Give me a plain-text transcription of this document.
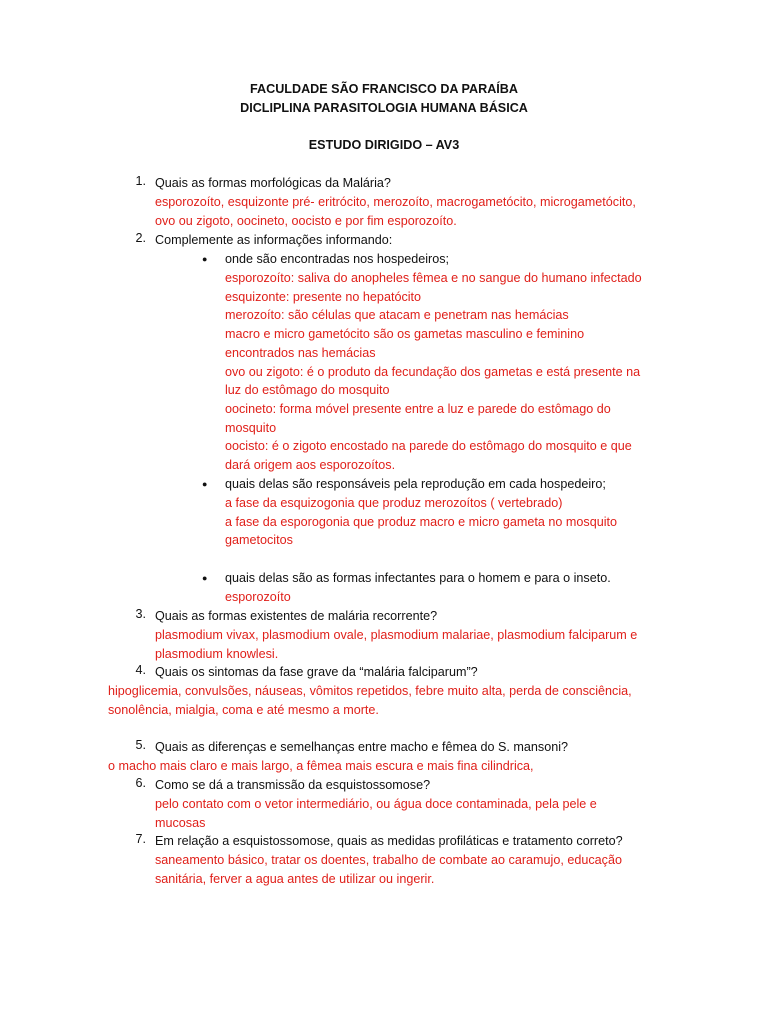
FACULDADE SÃO FRANCISCO DA PARAÍBA
DICLIPLINA PARASITOLOGIA HUMANA BÁSICA
ESTUDO DIRIGIDO – AV3
1. Quais as formas morfológicas da Malária?
esporozoíto, esquizonte pré- eritrócito, merozoíto, macrogametócito, microgametócito,
ovo ou zigoto, oocineto, oocisto e por fim esporozoíto.
2. Complemente as informações informando:
● onde são encontradas nos hospedeiros;
esporozoíto: saliva do anopheles fêmea e no sangue do humano infectado
esquizonte: presente no hepatócito
merozoíto: são células que atacam e penetram nas hemácias
macro e micro gametócito são os gametas masculino e feminino
encontrados nas hemácias
ovo ou zigoto: é o produto da fecundação dos gametas e está presente na
luz do estômago do mosquito
oocineto: forma móvel presente entre a luz e parede do estômago do
mosquito
oocisto: é o zigoto encostado na parede do estômago do mosquito e que
dará origem aos esporozoítos.
● quais delas são responsáveis pela reprodução em cada hospedeiro;
a fase da esquizogonia que produz merozoítos ( vertebrado)
a fase da esporogonia que produz macro e micro gameta no mosquito
gametocitos
● quais delas são as formas infectantes para o homem e para o inseto.
esporozoíto
3. Quais as formas existentes de malária recorrente?
plasmodium vivax, plasmodium ovale, plasmodium malariae, plasmodium falciparum e
plasmodium knowlesi.
4. Quais os sintomas da fase grave da “malária falciparum”?
hipoglicemia, convulsões, náuseas, vômitos repetidos, febre muito alta, perda de consciência,
sonolência, mialgia, coma e até mesmo a morte.
5. Quais as diferenças e semelhanças entre macho e fêmea do S. mansoni?
o macho mais claro e mais largo, a fêmea mais escura e mais fina cilindrica,
6. Como se dá a transmissão da esquistossomose?
pelo contato com o vetor intermediário, ou água doce contaminada, pela pele e
mucosas
7. Em relação a esquistossomose, quais as medidas profiláticas e tratamento correto?
saneamento básico, tratar os doentes, trabalho de combate ao caramujo, educação
sanitária, ferver a agua antes de utilizar ou ingerir.
